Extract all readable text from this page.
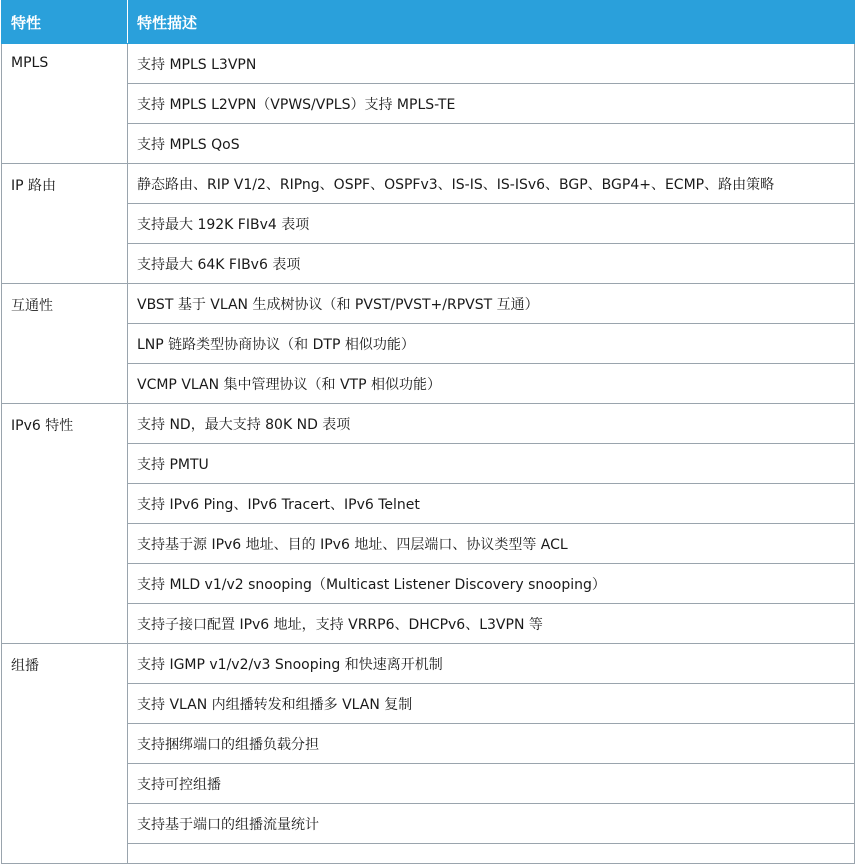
特性	特性描述
MPLS	支持 MPLS L3VPN
	支持 MPLS L2VPN（VPWS/VPLS）支持 MPLS-TE
	支持 MPLS QoS
IP 路由	静态路由、RIP V1/2、RIPng、OSPF、OSPFv3、IS-IS、IS-ISv6、BGP、BGP4+、ECMP、路由策略
	支持最大 192K FIBv4 表项
	支持最大 64K FIBv6 表项
互通性	VBST 基于 VLAN 生成树协议（和 PVST/PVST+/RPVST 互通）
	LNP 链路类型协商协议（和 DTP 相似功能）
	VCMP VLAN 集中管理协议（和 VTP 相似功能）
IPv6 特性	支持 ND，最大支持 80K ND 表项
	支持 PMTU
	支持 IPv6 Ping、IPv6 Tracert、IPv6 Telnet
	支持基于源 IPv6 地址、目的 IPv6 地址、四层端口、协议类型等 ACL
	支持 MLD v1/v2 snooping（Multicast Listener Discovery snooping）
	支持子接口配置 IPv6 地址，支持 VRRP6、DHCPv6、L3VPN 等
组播	支持 IGMP v1/v2/v3 Snooping 和快速离开机制
	支持 VLAN 内组播转发和组播多 VLAN 复制
	支持捆绑端口的组播负载分担
	支持可控组播
	支持基于端口的组播流量统计
